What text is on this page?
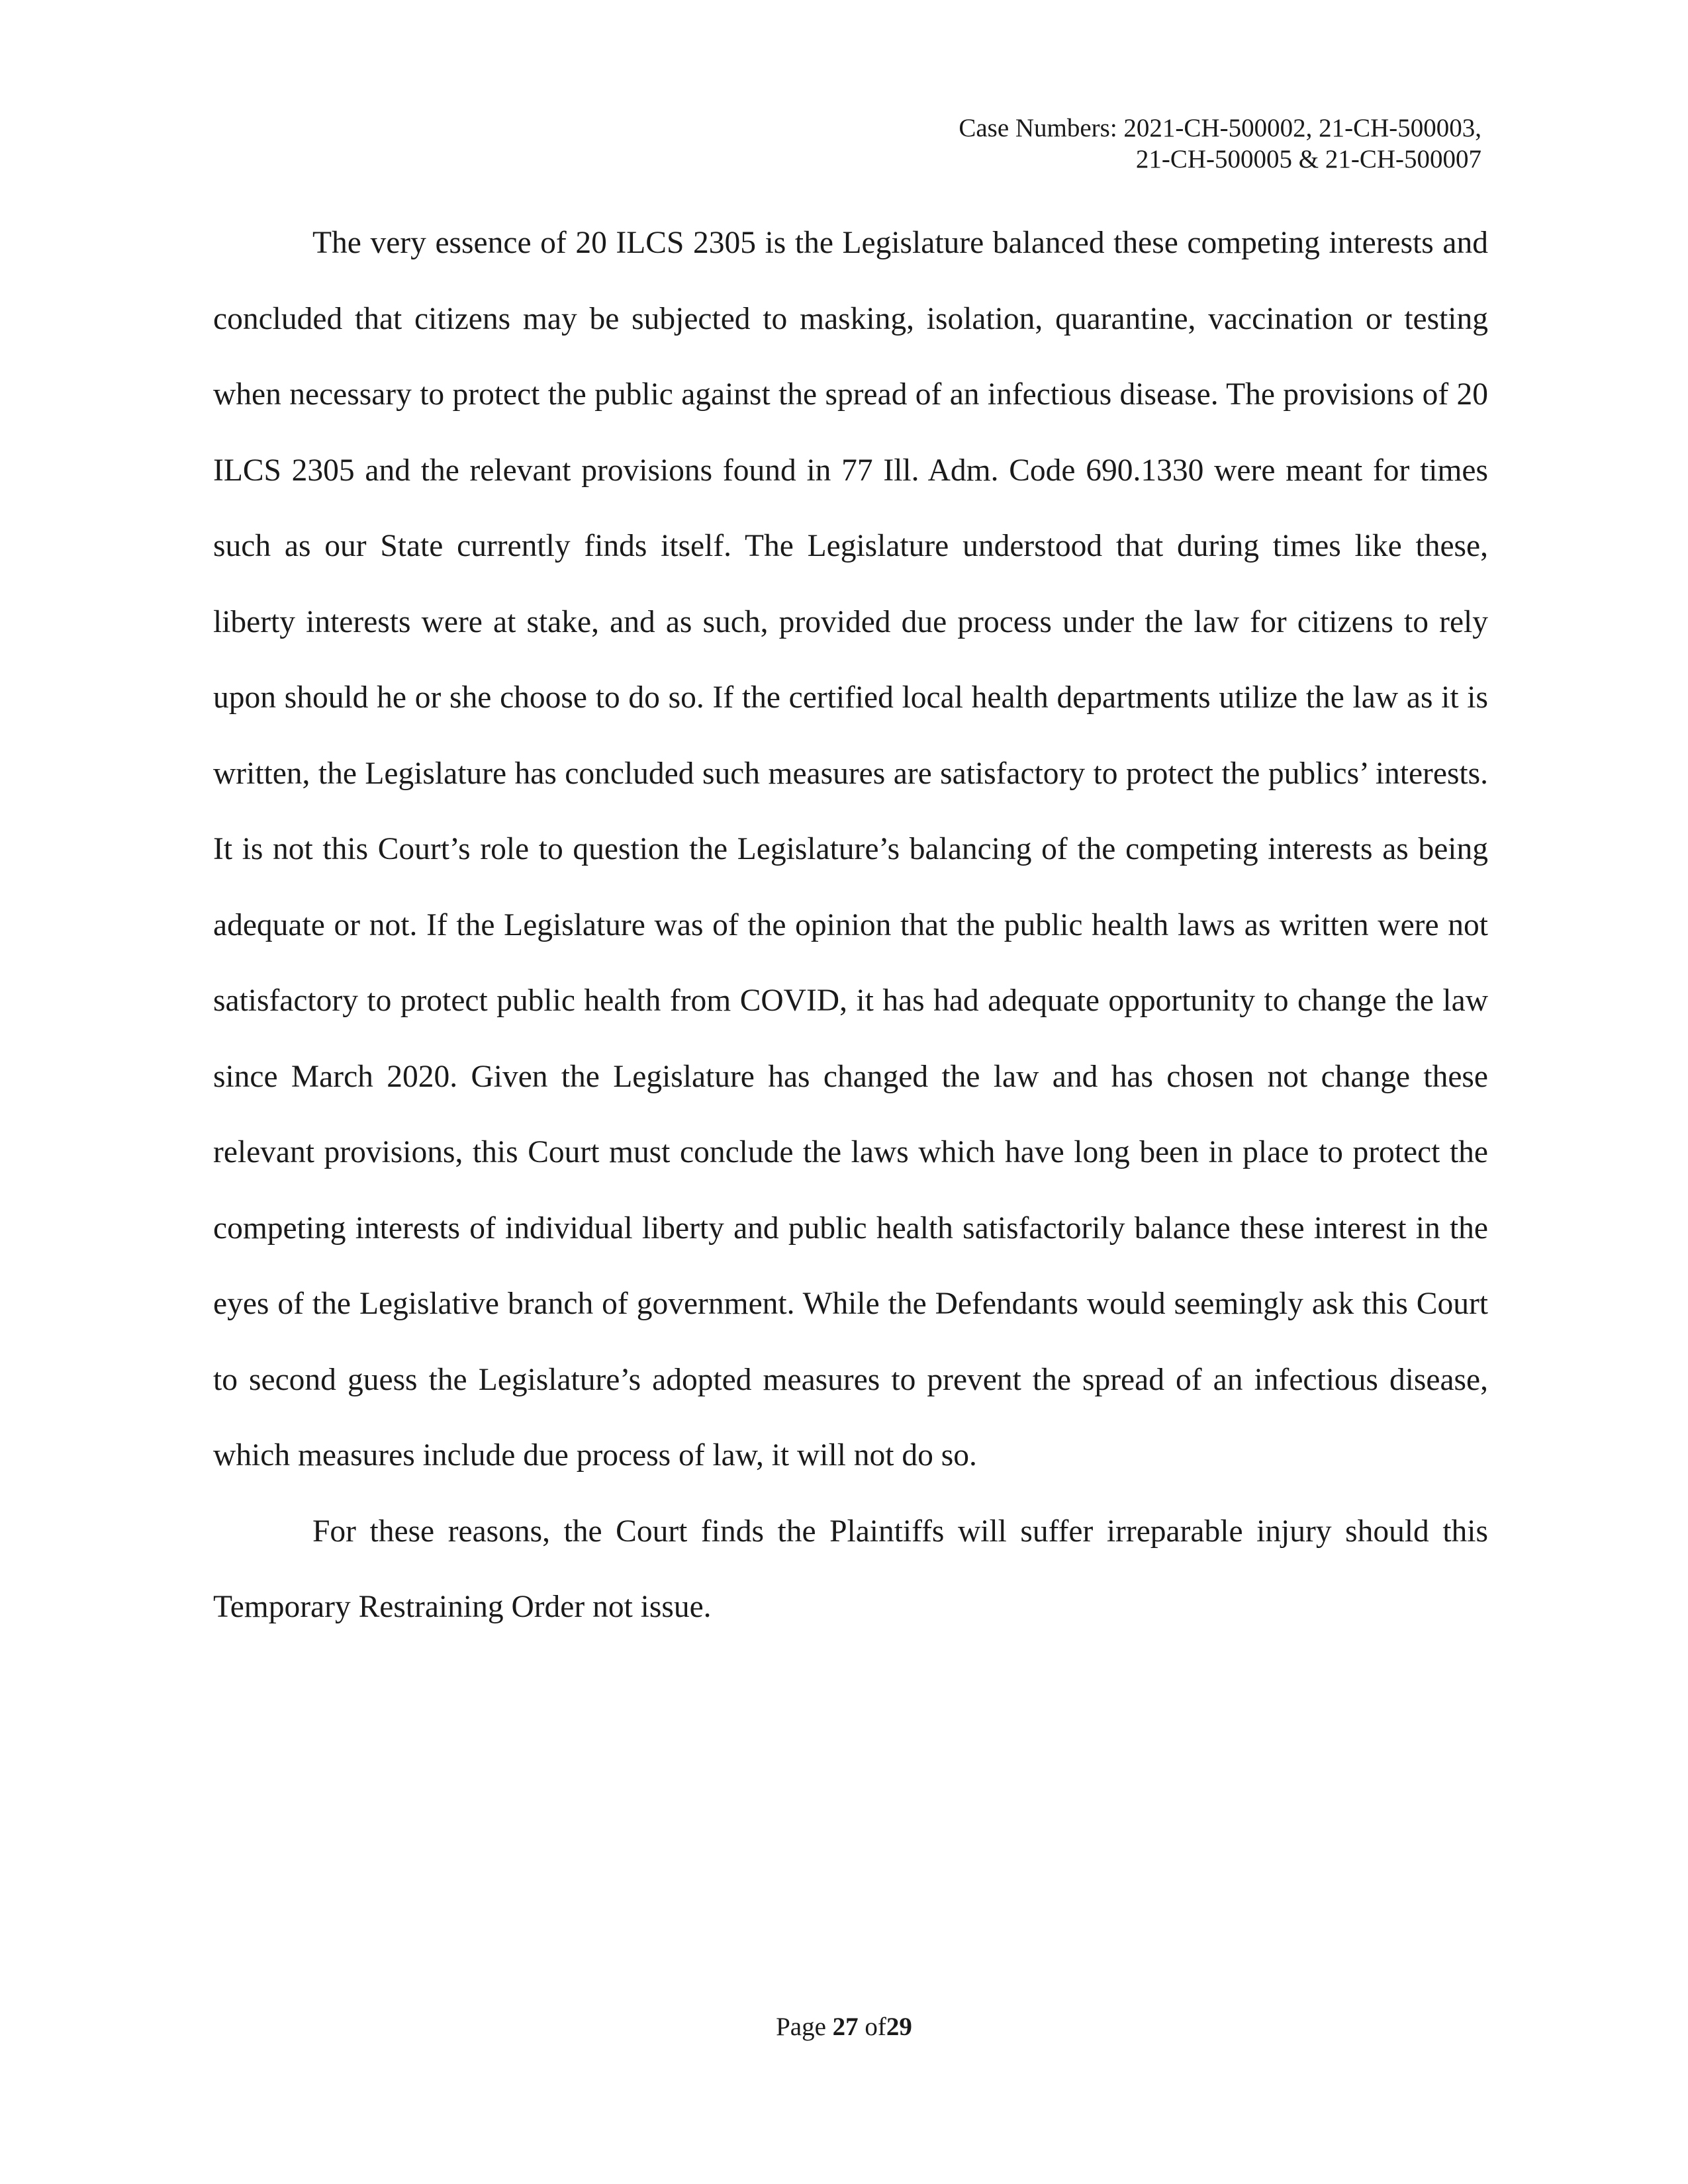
Case Numbers: 2021-CH-500002, 21-CH-500003,
21-CH-500005 & 21-CH-500007

The very essence of 20 ILCS 2305 is the Legislature balanced these competing interests and concluded that citizens may be subjected to masking, isolation, quarantine, vaccination or testing when necessary to protect the public against the spread of an infectious disease. The provisions of 20 ILCS 2305 and the relevant provisions found in 77 Ill. Adm. Code 690.1330 were meant for times such as our State currently finds itself. The Legislature understood that during times like these, liberty interests were at stake, and as such, provided due process under the law for citizens to rely upon should he or she choose to do so. If the certified local health departments utilize the law as it is written, the Legislature has concluded such measures are satisfactory to protect the publics’ interests. It is not this Court’s role to question the Legislature’s balancing of the competing interests as being adequate or not. If the Legislature was of the opinion that the public health laws as written were not satisfactory to protect public health from COVID, it has had adequate opportunity to change the law since March 2020. Given the Legislature has changed the law and has chosen not change these relevant provisions, this Court must conclude the laws which have long been in place to protect the competing interests of individual liberty and public health satisfactorily balance these interest in the eyes of the Legislative branch of government. While the Defendants would seemingly ask this Court to second guess the Legislature’s adopted measures to prevent the spread of an infectious disease, which measures include due process of law, it will not do so.

For these reasons, the Court finds the Plaintiffs will suffer irreparable injury should this Temporary Restraining Order not issue.

Page 27 of29
